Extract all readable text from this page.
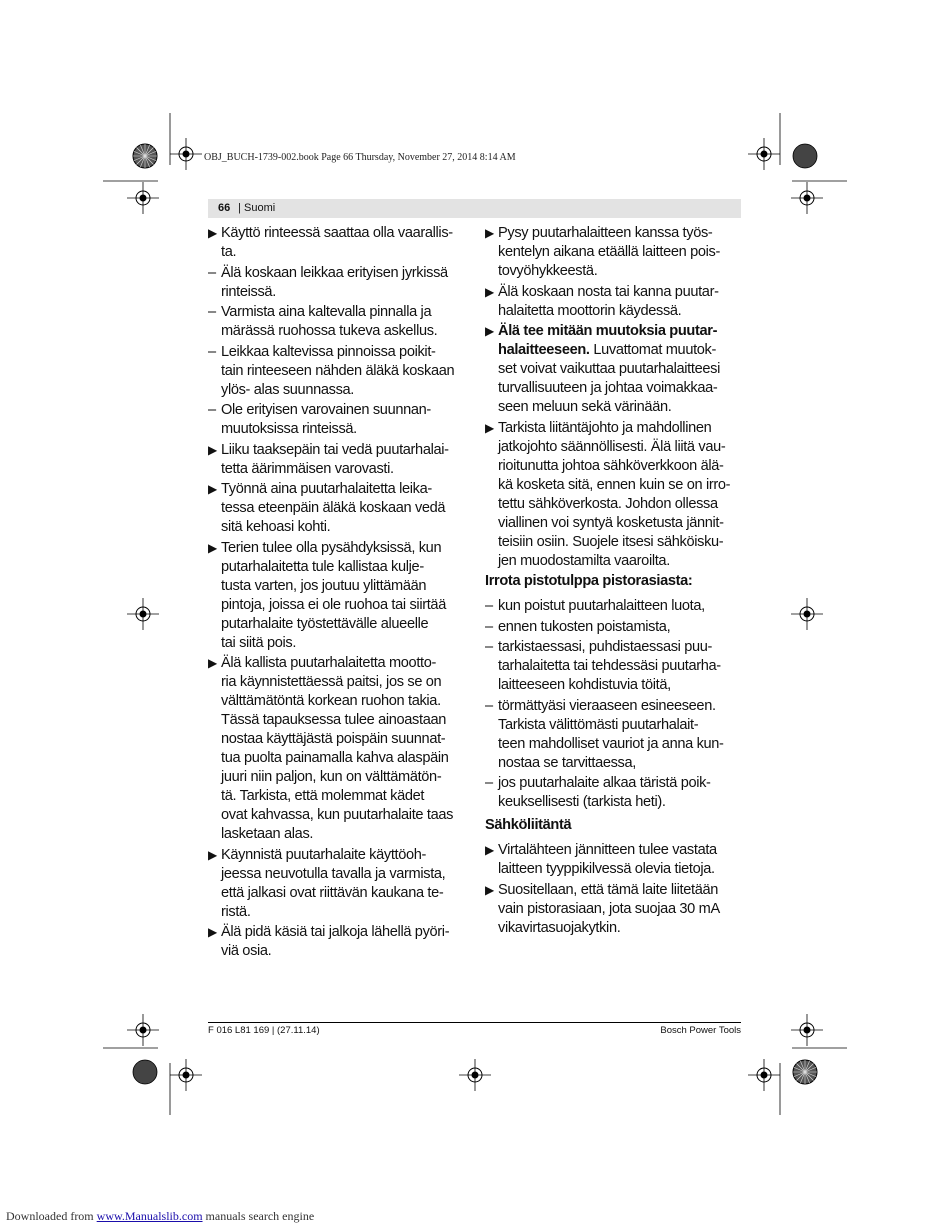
OBJ_BUCH-1739-002.book Page 66 Thursday, November 27, 2014 8:14 AM
66 | Suomi
▶ Käyttö rinteessä saattaa olla vaarallis-
ta.
– Älä koskaan leikkaa erityisen jyrkissä
rinteissä.
– Varmista aina kaltevalla pinnalla ja
märässä ruohossa tukeva askellus.
– Leikkaa kaltevissa pinnoissa poikit-
tain rinteeseen nähden äläkä koskaan
ylös- alas suunnassa.
– Ole erityisen varovainen suunnan-
muutoksissa rinteissä.
▶ Liiku taaksepäin tai vedä puutarhalai-
tetta äärimmäisen varovasti.
▶ Työnnä aina puutarhalaitetta leika-
tessa eteenpäin äläkä koskaan vedä
sitä kehoasi kohti.
▶ Terien tulee olla pysähdyksissä, kun
putarhalaitetta tule kallistaa kulje-
tusta varten, jos joutuu ylittämään
pintoja, joissa ei ole ruohoa tai siirtää
putarhalaite työstettävälle alueelle
tai siitä pois.
▶ Älä kallista puutarhalaitetta mootto-
ria käynnistettäessä paitsi, jos se on
välttämätöntä korkean ruohon takia.
Tässä tapauksessa tulee ainoastaan
nostaa käyttäjästä poispäin suunnat-
tua puolta painamalla kahva alaspäin
juuri niin paljon, kun on välttämätön-
tä. Tarkista, että molemmat kädet
ovat kahvassa, kun puutarhalaite taas
lasketaan alas.
▶ Käynnistä puutarhalaite käyttöoh-
jeessa neuvotulla tavalla ja varmista,
että jalkasi ovat riittävän kaukana te-
ristä.
▶ Älä pidä käsiä tai jalkoja lähellä pyöri-
viä osia.
▶ Pysy puutarhalaitteen kanssa työs-
kentelyn aikana etäällä laitteen pois-
tovyöhykkeestä.
▶ Älä koskaan nosta tai kanna puutar-
halaitetta moottorin käydessä.
▶ Älä tee mitään muutoksia puutar-
halaitteeseen. Luvattomat muutok-
set voivat vaikuttaa puutarhalaitteesi
turvallisuuteen ja johtaa voimakkaa-
seen meluun sekä värinään.
▶ Tarkista liitäntäjohto ja mahdollinen
jatkojohto säännöllisesti. Älä liitä vau-
rioitunutta johtoa sähköverkkoon älä-
kä kosketa sitä, ennen kuin se on irro-
tettu sähköverkosta. Johdon ollessa
viallinen voi syntyä kosketusta jännit-
teisiin osiin. Suojele itsesi sähköisku-
jen muodostamilta vaaroilta.
Irrota pistotulppa pistorasiasta:
– kun poistut puutarhalaitteen luota,
– ennen tukosten poistamista,
– tarkistaessasi, puhdistaessasi puu-
tarhalaitetta tai tehdessäsi puutarha-
laitteeseen kohdistuvia töitä,
– törmättyäsi vieraaseen esineeseen.
Tarkista välittömästi puutarhalait-
teen mahdolliset vauriot ja anna kun-
nostaa se tarvittaessa,
– jos puutarhalaite alkaa täristä poik-
keuksellisesti (tarkista heti).
Sähköliitäntä
▶ Virtalähteen jännitteen tulee vastata
laitteen tyyppikilvessä olevia tietoja.
▶ Suositellaan, että tämä laite liitetään
vain pistorasiaan, jota suojaa 30 mA
vikavirtasuojakytkin.
F 016 L81 169 | (27.11.14)	Bosch Power Tools
Downloaded from www.Manualslib.com manuals search engine
